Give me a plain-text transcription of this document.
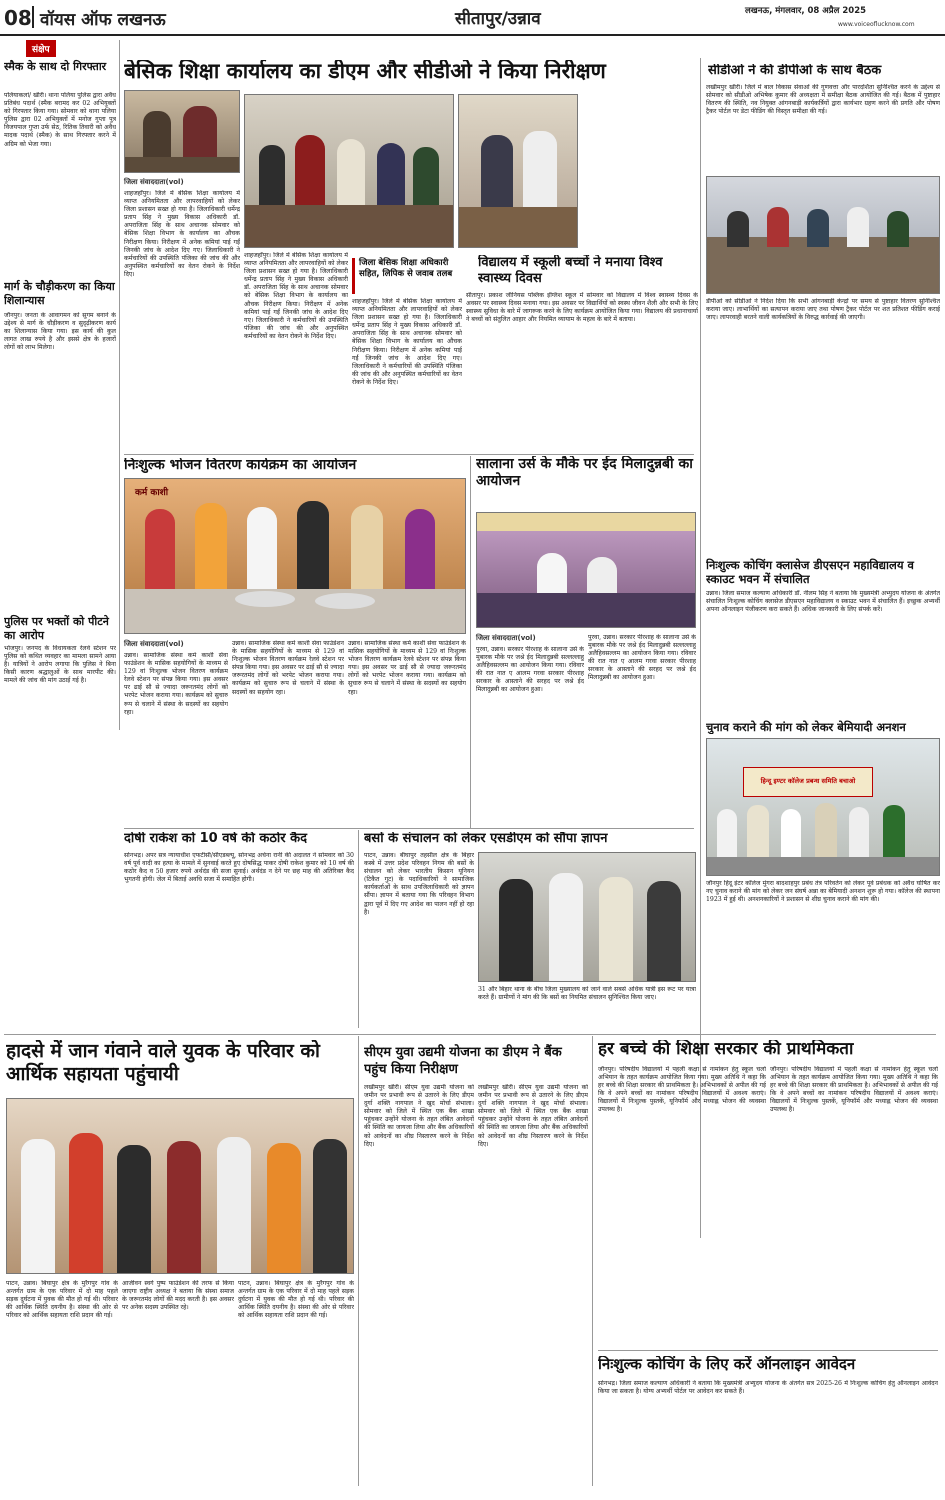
08 वॉयस ऑफ लखनऊ	सीतापुर/उन्नाव	लखनऊ, मंगलवार, 08 अप्रैल 2025
www.voiceoflucknow.com
संक्षेप
स्मैक के साथ दो गिरफ्तार
पलियाकलां/ खीरी। थाना पलिया पुलिस द्वारा अवैध प्रतिबंध पदार्थ (स्मैक बरामद कर 02 अभियुक्तों को गिरफ्तार किया गया। सोमवार को थाना पलिया पुलिस द्वारा 02 अभियुक्तों में मनोज गुप्ता पुत्र विजयपाल गुप्ता उर्फ सेठ, रितिक तिवारी को अवैध मादक पदार्थ (स्मैक) के साथ गिरफ्तार करने में अग्रिम को भेजा गया।
मार्ग के चौड़ीकरण का किया शिलान्यास
जौनपुर। जनता के आवागमन को सुगम बनाने के उद्देश्य से मार्ग के चौड़ीकरण व सुदृढ़ीकरण कार्य का शिलान्यास किया गया। इस कार्य की कुल लागत लाख रुपये है और इससे क्षेत्र के हजारों लोगों को लाभ मिलेगा।
पुलिस पर भक्तों को पीटने का आरोप
भोजपुर। जनपद के विधायकता रेलवे स्टेशन पर पुलिस को कथित व्यवहार का मामला सामने आया है। यात्रियों ने आरोप लगाया कि पुलिस ने बिना किसी कारण श्रद्धालुओं के साथ मारपीट की। मामले की जांच की मांग उठाई गई है।
बेसिक शिक्षा कार्यालय का डीएम और सीडीओ ने किया निरीक्षण
जिला संवाददाता(vol)
शाहजहाँपुर। जिले में बेसिक शिक्षा कार्यालय में व्याप्त अनियमितता और लापरवाहियों को लेकर जिला प्रशासन सख्त हो गया है। जिलाधिकारी धर्मेन्द्र प्रताप सिंह ने मुख्य विकास अधिकारी डॉ. अपराजिता सिंह के साथ अचानक सोमवार को बेसिक शिक्षा विभाग के कार्यालय का औचक निरीक्षण किया। निरीक्षण में अनेक कमियां पाई गईं जिनकी जांच के आदेश दिए गए। जिलाधिकारी ने कर्मचारियों की उपस्थिति पंजिका की जांच की और अनुपस्थित कर्मचारियों का वेतन रोकने के निर्देश दिए।
शाहजहाँपुर। जिले में बेसिक शिक्षा कार्यालय में व्याप्त अनियमितता और लापरवाहियों को लेकर जिला प्रशासन सख्त हो गया है। जिलाधिकारी धर्मेन्द्र प्रताप सिंह ने मुख्य विकास अधिकारी डॉ. अपराजिता सिंह के साथ अचानक सोमवार को बेसिक शिक्षा विभाग के कार्यालय का औचक निरीक्षण किया। निरीक्षण में अनेक कमियां पाई गईं जिनकी जांच के आदेश दिए गए। जिलाधिकारी ने कर्मचारियों की उपस्थिति पंजिका की जांच की और अनुपस्थित कर्मचारियों का वेतन रोकने के निर्देश दिए।
जिला बेसिक शिक्षा अधिकारी सहित, लिपिक से जवाब तलब
शाहजहाँपुर। जिले में बेसिक शिक्षा कार्यालय में व्याप्त अनियमितता और लापरवाहियों को लेकर जिला प्रशासन सख्त हो गया है। जिलाधिकारी धर्मेन्द्र प्रताप सिंह ने मुख्य विकास अधिकारी डॉ. अपराजिता सिंह के साथ अचानक सोमवार को बेसिक शिक्षा विभाग के कार्यालय का औचक निरीक्षण किया। निरीक्षण में अनेक कमियां पाई गईं जिनकी जांच के आदेश दिए गए। जिलाधिकारी ने कर्मचारियों की उपस्थिति पंजिका की जांच की और अनुपस्थित कर्मचारियों का वेतन रोकने के निर्देश दिए।
विद्यालय में स्कूली बच्चों ने मनाया विश्व स्वास्थ्य दिवस
सीतापुर। प्रकाश जीनियस पब्लिक इंग्लिश स्कूल में सोमवार को विद्यालय में विश्व स्वास्थ्य दिवस के अवसर पर स्वास्थ्य दिवस मनाया गया। इस अवसर पर विद्यार्थियों को स्वस्थ जीवन शैली और सभी के लिए स्वास्थ्य सुविधा के बारे में जागरूक करने के लिए कार्यक्रम आयोजित किया गया। विद्यालय की प्रधानाचार्या ने बच्चों को संतुलित आहार और नियमित व्यायाम के महत्व के बारे में बताया।
सीडीओ ने की डीपीओ के साथ बैठक
लखीमपुर खीरी। जिले में बाल विकास सेवाओं की गुणवत्ता और पारदर्शिता सुनिश्चित करने के उद्देश्य से सोमवार को सीडीओ अभिषेक कुमार की अध्यक्षता में समीक्षा बैठक आयोजित की गई। बैठक में पुष्टाहार वितरण की स्थिति, नव नियुक्त आंगनबाड़ी कार्यकर्त्रियों द्वारा कार्यभार ग्रहण करने की प्रगति और पोषण ट्रैकर पोर्टल पर डेटा फीडिंग की विस्तृत समीक्षा की गई।
डीपीओ को सीडीओ ने निर्देश दिया कि सभी आंगनबाड़ी केन्द्रों पर समय से पुष्टाहार वितरण सुनिश्चित कराया जाए। लाभार्थियों का सत्यापन कराया जाए तथा पोषण ट्रैकर पोर्टल पर शत प्रतिशत फीडिंग कराई जाए। लापरवाही बरतने वाली कार्यकत्रियों के विरुद्ध कार्रवाई की जाएगी।
निःशुल्क कोचिंग क्लासेज डीएसएन महाविद्यालय व स्काउट भवन में संचालित
उन्नाव। जिला समाज कल्याण अधिकारी डॉ. नीलम सिंह ने बताया कि मुख्यमंत्री अभ्युदय योजना के अंतर्गत संचालित निःशुल्क कोचिंग क्लासेज डीएसएन महाविद्यालय व स्काउट भवन में संचालित हैं। इच्छुक अभ्यर्थी अपना ऑनलाइन पंजीकरण करा सकते हैं। अधिक जानकारी के लिए संपर्क करें।
चुनाव कराने की मांग को लेकर बेमियादी अनशन
हिन्दू इण्टर कॉलेज प्रबन्ध समिति बचाओ
जौनपुर हिंदू इंटर कॉलेज मुंगरा बादशाहपुर प्रबंध तंत्र परिवर्तन को लेकर पूर्व प्रबंधक को अवैध घोषित कर नए चुनाव कराने की मांग को लेकर जन संघर्ष अन्ना का बेमियादी अनशन शुरू हो गया। कॉलेज की स्थापना 1923 में हुई थी। अनशनकारियों ने प्रशासन से शीघ्र चुनाव कराने की मांग की।
निःशुल्क भोजन वितरण कार्यक्रम का आयोजन
कर्म काशी
जिला संवाददाता(vol)
उन्नाव। सामाजिक संस्था कर्म काशी सेवा फाउंडेशन के मासिक सहयोगियों के माध्यम से 129 वां निःशुल्क भोजन वितरण कार्यक्रम रेलवे स्टेशन पर संपन्न किया गया। इस अवसर पर ढाई सौ से ज्यादा जरूरतमंद लोगों को भरपेट भोजन कराया गया। कार्यक्रम को सुचारु रूप से चलाने में संस्था के सदस्यों का सहयोग रहा।
उन्नाव। सामाजिक संस्था कर्म काशी सेवा फाउंडेशन के मासिक सहयोगियों के माध्यम से 129 वां निःशुल्क भोजन वितरण कार्यक्रम रेलवे स्टेशन पर संपन्न किया गया। इस अवसर पर ढाई सौ से ज्यादा जरूरतमंद लोगों को भरपेट भोजन कराया गया। कार्यक्रम को सुचारु रूप से चलाने में संस्था के सदस्यों का सहयोग रहा।
उन्नाव। सामाजिक संस्था कर्म काशी सेवा फाउंडेशन के मासिक सहयोगियों के माध्यम से 129 वां निःशुल्क भोजन वितरण कार्यक्रम रेलवे स्टेशन पर संपन्न किया गया। इस अवसर पर ढाई सौ से ज्यादा जरूरतमंद लोगों को भरपेट भोजन कराया गया। कार्यक्रम को सुचारु रूप से चलाने में संस्था के सदस्यों का सहयोग रहा।
सालाना उर्स के मौके पर ईद मिलादुन्नबी का आयोजन
जिला संवाददाता(vol)
पुरवा, उन्नाव। सरकार पीरशाह के सालाना उर्स के मुबारक मौके पर जश्ने ईद मिलादुन्नबी सल्लल्लाहु अलैहिवसल्लम का आयोजन किया गया। रविवार की रात नात ए आलम गरवा सरकार पीरशाह सरकार के आस्ताने की सरहद पर जश्ने ईद मिलादुन्नबी का आयोजन हुआ।
पुरवा, उन्नाव। सरकार पीरशाह के सालाना उर्स के मुबारक मौके पर जश्ने ईद मिलादुन्नबी सल्लल्लाहु अलैहिवसल्लम का आयोजन किया गया। रविवार की रात नात ए आलम गरवा सरकार पीरशाह सरकार के आस्ताने की सरहद पर जश्ने ईद मिलादुन्नबी का आयोजन हुआ।
दोषी राकेश को 10 वर्ष की कठोर कैद
सोनभद्र। अपर सत्र न्यायाधीश एफटीसी/सीएडब्ल्यू, सोनभद्र अर्चना रानी की अदालत ने सोमवार को 30 वर्ष पूर्व वादी का हत्या के मामले में सुनवाई करते हुए दोषसिद्ध पाकर दोषी राकेश कुमार को 10 वर्ष की कठोर कैद व 50 हजार रुपये अर्थदंड की सजा सुनाई। अर्थदंड न देने पर छह माह की अतिरिक्त कैद भुगतनी होगी। जेल में बिताई अवधि सजा में समाहित होगी।
बसों के संचालन को लेकर एसडीएम को सौंपा ज्ञापन
पाटन, उन्नाव। बीघापुर तहसील क्षेत्र के बिहार कस्बे में उत्तर प्रदेश परिवहन निगम की बसों के संचालन को लेकर भारतीय किसान यूनियन (टिकैत गुट) के पदाधिकारियों ने सामाजिक कार्यकर्ताओं के साथ उपजिलाधिकारी को ज्ञापन सौंपा। ज्ञापन में बताया गया कि परिवहन विभाग द्वारा पूर्व में दिए गए आदेश का पालन नहीं हो रहा है।
31 और बिहार थाना के बीच जिला मुख्यालय को जाने वाले सबसे अधिक यात्री इस रूट पर यात्रा करते हैं। ग्रामीणों ने मांग की कि बसों का नियमित संचालन सुनिश्चित किया जाए।
हादसे में जान गंवाने वाले युवक के परिवार को आर्थिक सहायता पहुंचायी
पाटन, उन्नाव। बिघापुर क्षेत्र के मुरैगपुर गांव के अन्तर्गत ग्राम के एक परिवार में दो माह पहले सड़क दुर्घटना में युवक की मौत हो गई थी। परिवार की आर्थिक स्थिति दयनीय है। संस्था की ओर से परिवार को आर्थिक सहायता राशि प्रदान की गई।
आजीवन स्वर्ग पुष्प फाउंडेशन की तरफ से किया जाएगा राष्ट्रीय अध्यक्ष ने बताया कि संस्था समाज के जरूरतमंद लोगों की मदद करती है। इस अवसर पर अनेक सदस्य उपस्थित रहे।
पाटन, उन्नाव। बिघापुर क्षेत्र के मुरैगपुर गांव के अन्तर्गत ग्राम के एक परिवार में दो माह पहले सड़क दुर्घटना में युवक की मौत हो गई थी। परिवार की आर्थिक स्थिति दयनीय है। संस्था की ओर से परिवार को आर्थिक सहायता राशि प्रदान की गई।
सीएम युवा उद्यमी योजना का डीएम ने बैंक पहुंच किया निरीक्षण
लखीमपुर खीरी। सीएम युवा उद्यमी योजना को जमीन पर प्रभावी रूप से उतारने के लिए डीएम दुर्गा शक्ति नागपाल ने खुद मोर्चा संभाला। सोमवार को जिले में स्थित एक बैंक शाखा पहुंचकर उन्होंने योजना के तहत लंबित आवेदनों की स्थिति का जायजा लिया और बैंक अधिकारियों को आवेदनों का शीघ्र निस्तारण करने के निर्देश दिए।
लखीमपुर खीरी। सीएम युवा उद्यमी योजना को जमीन पर प्रभावी रूप से उतारने के लिए डीएम दुर्गा शक्ति नागपाल ने खुद मोर्चा संभाला। सोमवार को जिले में स्थित एक बैंक शाखा पहुंचकर उन्होंने योजना के तहत लंबित आवेदनों की स्थिति का जायजा लिया और बैंक अधिकारियों को आवेदनों का शीघ्र निस्तारण करने के निर्देश दिए।
हर बच्चे की शिक्षा सरकार की प्राथमिकता
जौनपुर। परिषदीय विद्यालयों में पहली कक्षा से नामांकन हेतु स्कूल चलो अभियान के तहत कार्यक्रम आयोजित किया गया। मुख्य अतिथि ने कहा कि हर बच्चे की शिक्षा सरकार की प्राथमिकता है। अभिभावकों से अपील की गई कि वे अपने बच्चों का नामांकन परिषदीय विद्यालयों में अवश्य कराएं। विद्यालयों में निःशुल्क पुस्तकें, यूनिफॉर्म और मध्याह्न भोजन की व्यवस्था उपलब्ध है।
जौनपुर। परिषदीय विद्यालयों में पहली कक्षा से नामांकन हेतु स्कूल चलो अभियान के तहत कार्यक्रम आयोजित किया गया। मुख्य अतिथि ने कहा कि हर बच्चे की शिक्षा सरकार की प्राथमिकता है। अभिभावकों से अपील की गई कि वे अपने बच्चों का नामांकन परिषदीय विद्यालयों में अवश्य कराएं। विद्यालयों में निःशुल्क पुस्तकें, यूनिफॉर्म और मध्याह्न भोजन की व्यवस्था उपलब्ध है।
निःशुल्क कोचिंग के लिए करें ऑनलाइन आवेदन
सोनभद्र। जिला समाज कल्याण अधिकारी ने बताया कि मुख्यमंत्री अभ्युदय योजना के अंतर्गत सत्र 2025-26 में निःशुल्क कोचिंग हेतु ऑनलाइन आवेदन किया जा सकता है। योग्य अभ्यर्थी पोर्टल पर आवेदन कर सकते हैं।
